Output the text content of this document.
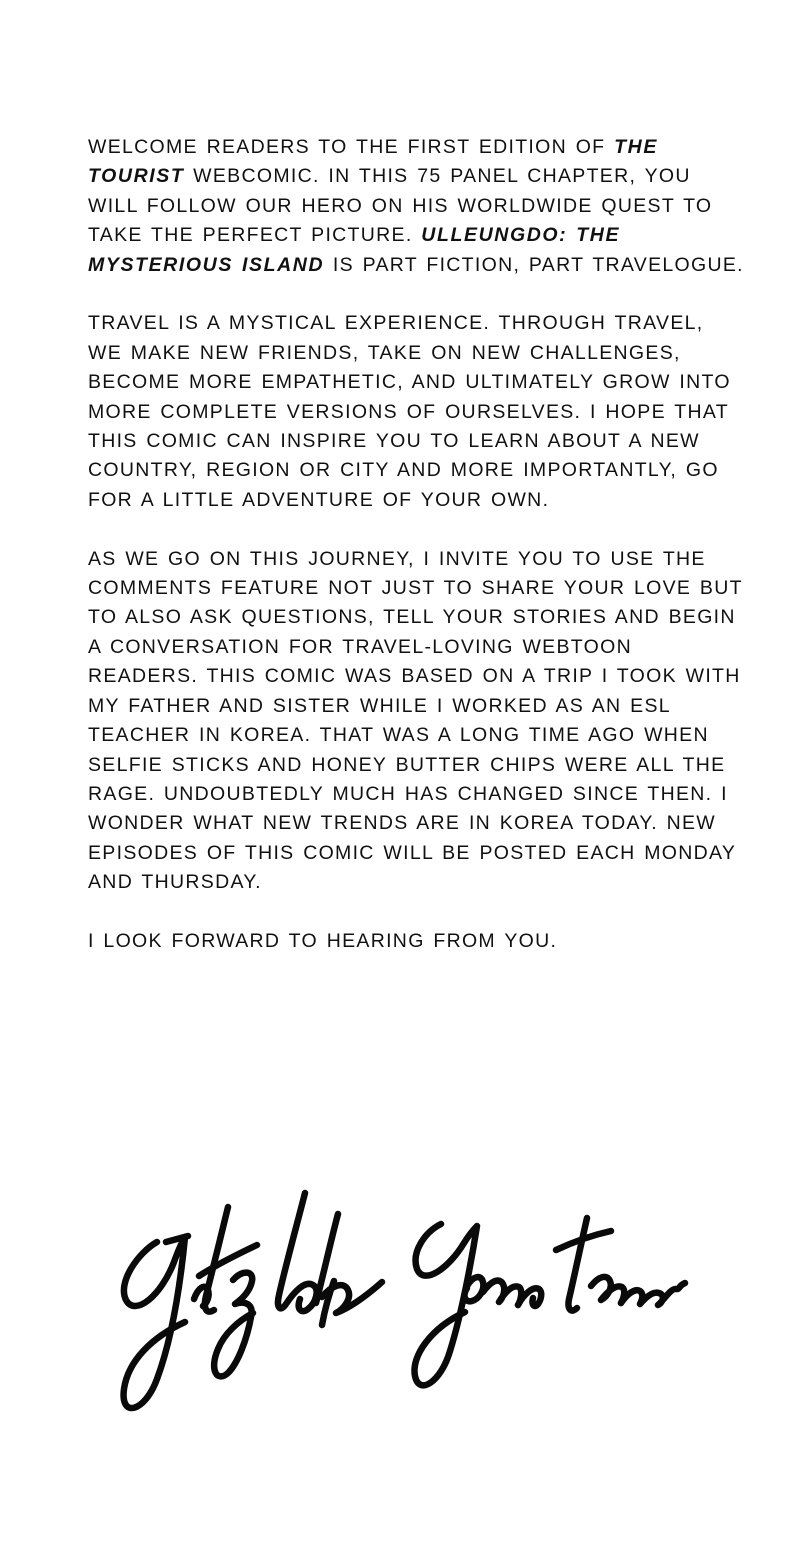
WELCOME READERS TO THE FIRST EDITION OF THE TOURIST WEBCOMIC. IN THIS 75 PANEL CHAPTER, YOU WILL FOLLOW OUR HERO ON HIS WORLDWIDE QUEST TO TAKE THE PERFECT PICTURE. ULLEUNGDO: THE MYSTERIOUS ISLAND IS PART FICTION, PART TRAVELOGUE.

TRAVEL IS A MYSTICAL EXPERIENCE. THROUGH TRAVEL, WE MAKE NEW FRIENDS, TAKE ON NEW CHALLENGES, BECOME MORE EMPATHETIC, AND ULTIMATELY GROW INTO MORE COMPLETE VERSIONS OF OURSELVES. I HOPE THAT THIS COMIC CAN INSPIRE YOU TO LEARN ABOUT A NEW COUNTRY, REGION OR CITY AND MORE IMPORTANTLY, GO FOR A LITTLE ADVENTURE OF YOUR OWN.

AS WE GO ON THIS JOURNEY, I INVITE YOU TO USE THE COMMENTS FEATURE NOT JUST TO SHARE YOUR LOVE BUT TO ALSO ASK QUESTIONS, TELL YOUR STORIES AND BEGIN A CONVERSATION FOR TRAVEL-LOVING WEBTOON READERS. THIS COMIC WAS BASED ON A TRIP I TOOK WITH MY FATHER AND SISTER WHILE I WORKED AS AN ESL TEACHER IN KOREA. THAT WAS A LONG TIME AGO WHEN SELFIE STICKS AND HONEY BUTTER CHIPS WERE ALL THE RAGE. UNDOUBTEDLY MUCH HAS CHANGED SINCE THEN. I WONDER WHAT NEW TRENDS ARE IN KOREA TODAY. NEW EPISODES OF THIS COMIC WILL BE POSTED EACH MONDAY AND THURSDAY.

I LOOK FORWARD TO HEARING FROM YOU.
